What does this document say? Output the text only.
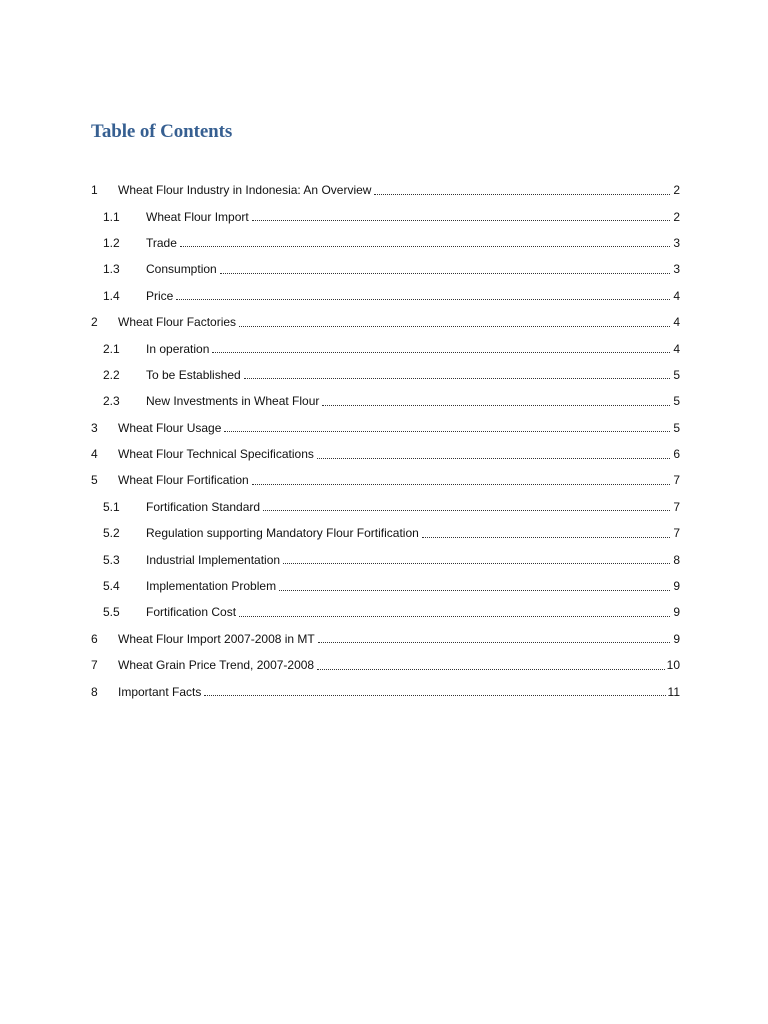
Table of Contents
1	Wheat Flour Industry in Indonesia: An Overview	2
1.1	Wheat Flour Import	2
1.2	Trade	3
1.3	Consumption	3
1.4	Price	4
2	Wheat Flour Factories	4
2.1	In operation	4
2.2	To be Established	5
2.3	New Investments in Wheat Flour	5
3	Wheat Flour Usage	5
4	Wheat Flour Technical Specifications	6
5	Wheat Flour Fortification	7
5.1	Fortification Standard	7
5.2	Regulation supporting Mandatory Flour Fortification	7
5.3	Industrial Implementation	8
5.4	Implementation Problem	9
5.5	Fortification Cost	9
6	Wheat Flour Import 2007-2008 in MT	9
7	Wheat Grain Price Trend, 2007-2008	10
8	Important Facts	11
